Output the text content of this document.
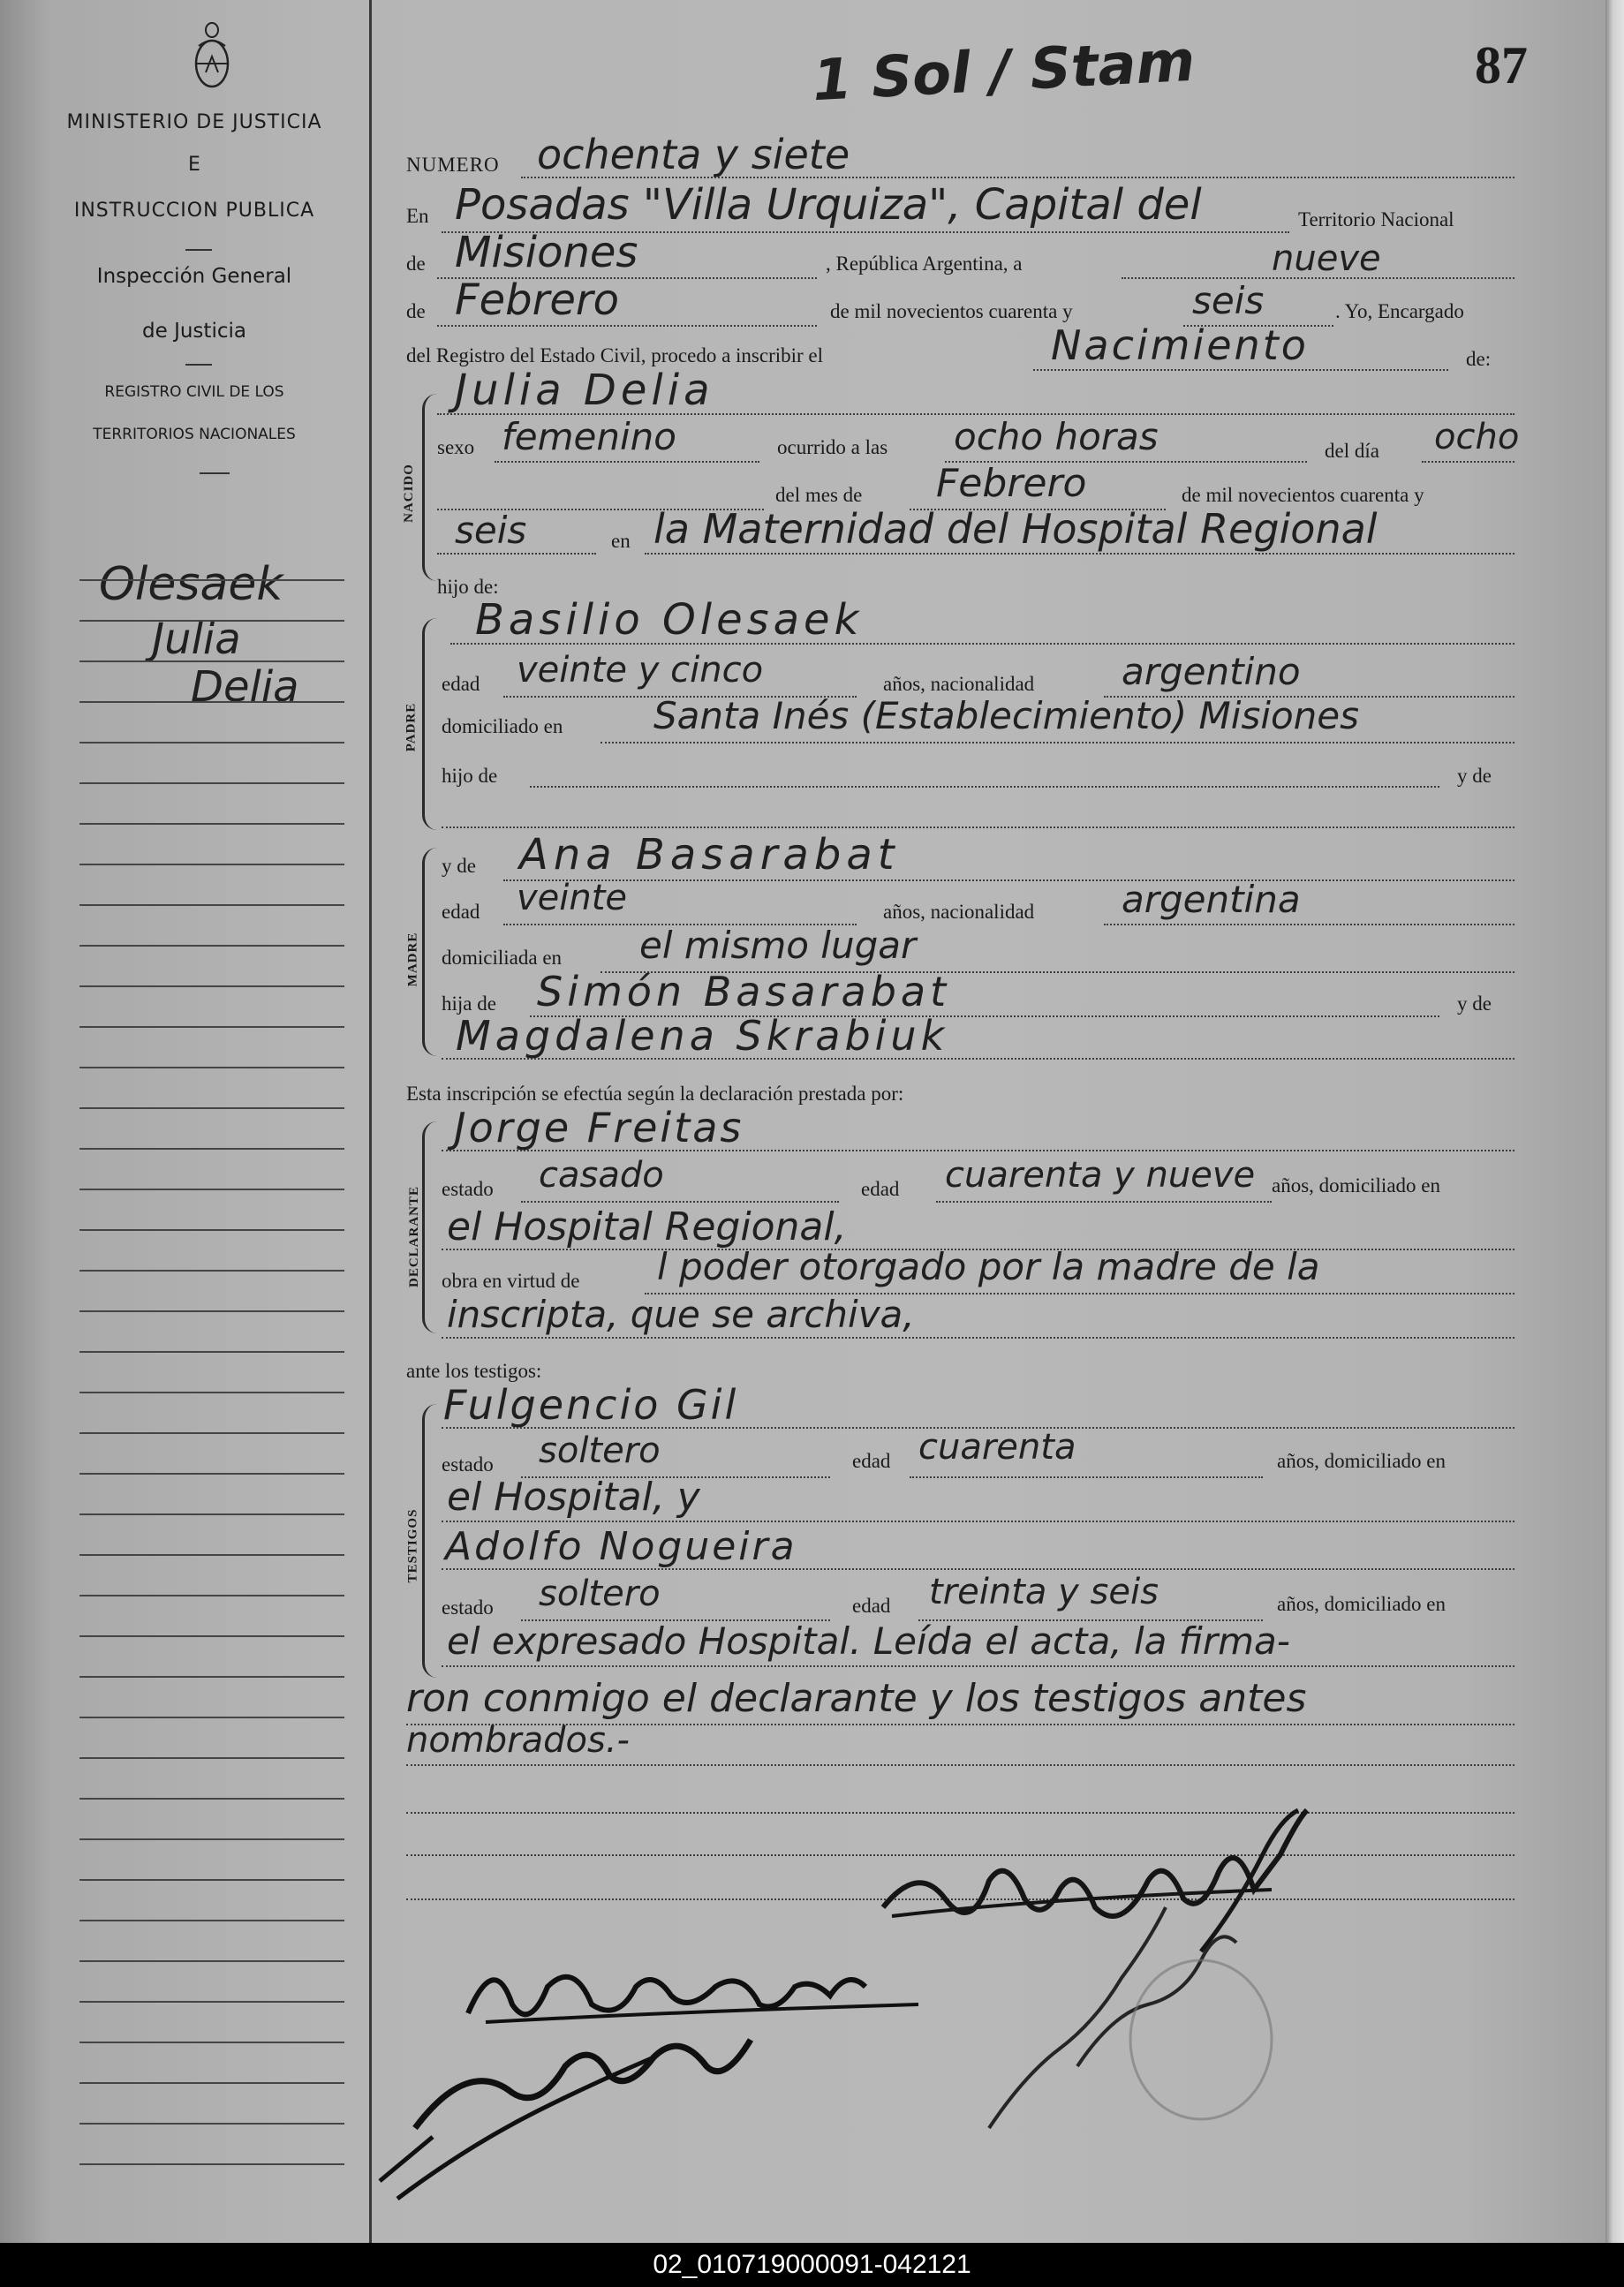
MINISTERIO DE JUSTICIA
E
INSTRUCCION PUBLICA
Inspección General
de Justicia
REGISTRO CIVIL DE LOS
TERRITORIOS NACIONALES
Olesaek
Julia
Delia
87
1 Sol / Stam
NUMERO ochenta y siete
En Posadas "Villa Urquiza", Capital del	Territorio Nacional
de Misiones	, República Argentina, a	nueve
de Febrero	de mil novecientos cuarenta y	seis	. Yo, Encargado
del Registro del Estado Civil, procedo a inscribir el	Nacimiento	de:
Julia Delia
NACIDO
sexo femenino	ocurrido a las ocho horas	del día ocho
del mes de Febrero	de mil novecientos cuarenta y
seis	en la Maternidad del Hospital Regional
hijo de:
PADRE
Basilio Olesaek
edad veinte y cinco	años, nacionalidad argentino
domiciliado en Santa Inés (Establecimiento) Misiones
hijo de	y de
MADRE
y de Ana Basarabat
edad veinte	años, nacionalidad argentina
domiciliada en el mismo lugar
hija de Simón Basarabat	y de
Magdalena Skrabiuk
Esta inscripción se efectúa según la declaración prestada por:
DECLARANTE
Jorge Freitas
estado casado	edad cuarenta y nueve años, domiciliado en
el Hospital Regional,
obra en virtud de l poder otorgado por la madre de la
inscripta, que se archiva,
ante los testigos:
TESTIGOS
Fulgencio Gil
estado soltero	edad cuarenta	años, domiciliado en
el Hospital, y
Adolfo Nogueira
estado soltero	edad treinta y seis	años, domiciliado en
el expresado Hospital. Leída el acta, la firma-
ron conmigo el declarante y los testigos antes
nombrados.-
02_010719000091-042121
